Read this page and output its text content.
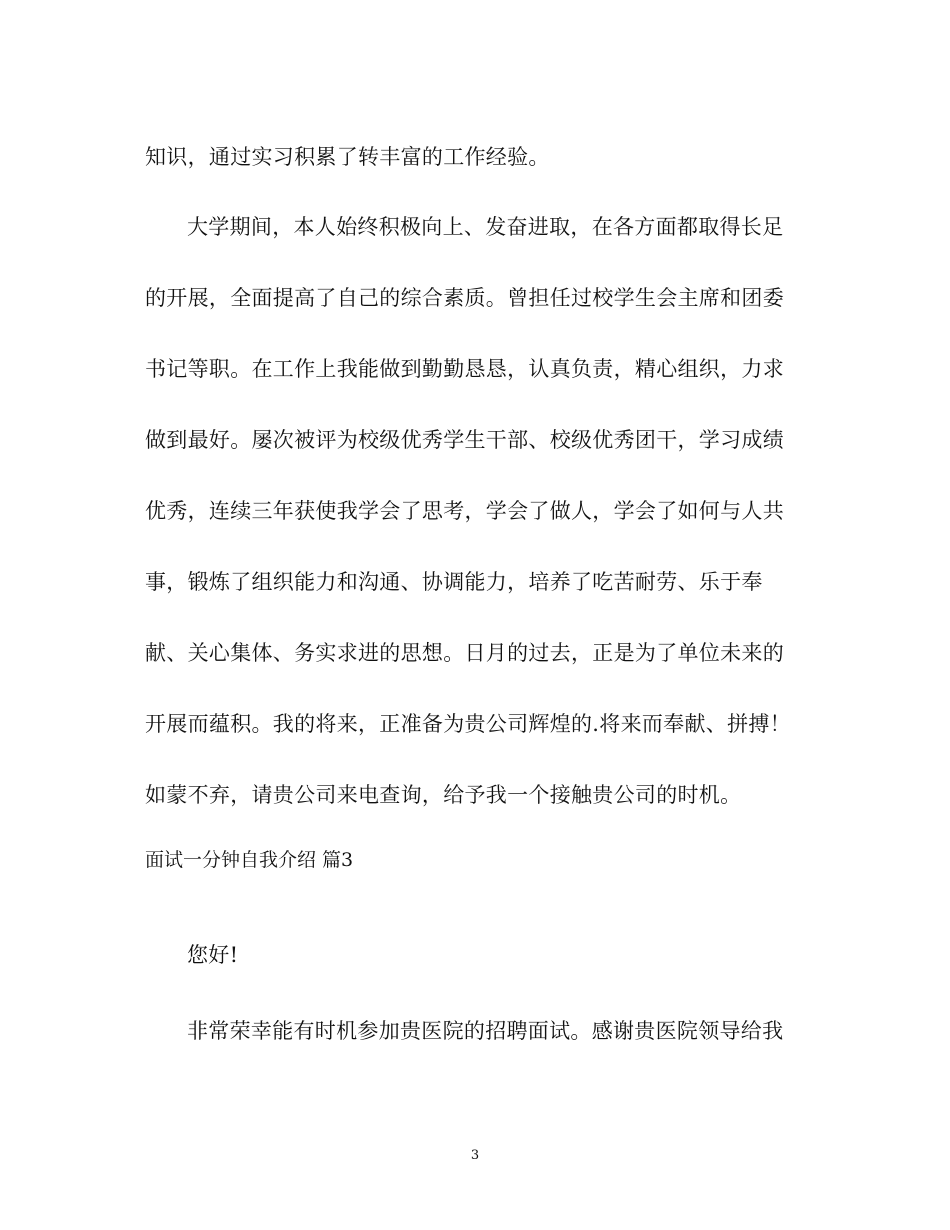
知识，通过实习积累了转丰富的工作经验。
大学期间，本人始终积极向上、发奋进取，在各方面都取得长足
的开展，全面提高了自己的综合素质。曾担任过校学生会主席和团委
书记等职。在工作上我能做到勤勤恳恳，认真负责，精心组织，力求
做到最好。屡次被评为校级优秀学生干部、校级优秀团干，学习成绩
优秀，连续三年获使我学会了思考，学会了做人，学会了如何与人共
事，锻炼了组织能力和沟通、协调能力，培养了吃苦耐劳、乐于奉
献、关心集体、务实求进的思想。日月的过去，正是为了单位未来的
开展而蕴积。我的将来，正准备为贵公司辉煌的.将来而奉献、拼搏！
如蒙不弃，请贵公司来电查询，给予我一个接触贵公司的时机。
面试一分钟自我介绍 篇3
您好!
非常荣幸能有时机参加贵医院的招聘面试。感谢贵医院领导给我
3
